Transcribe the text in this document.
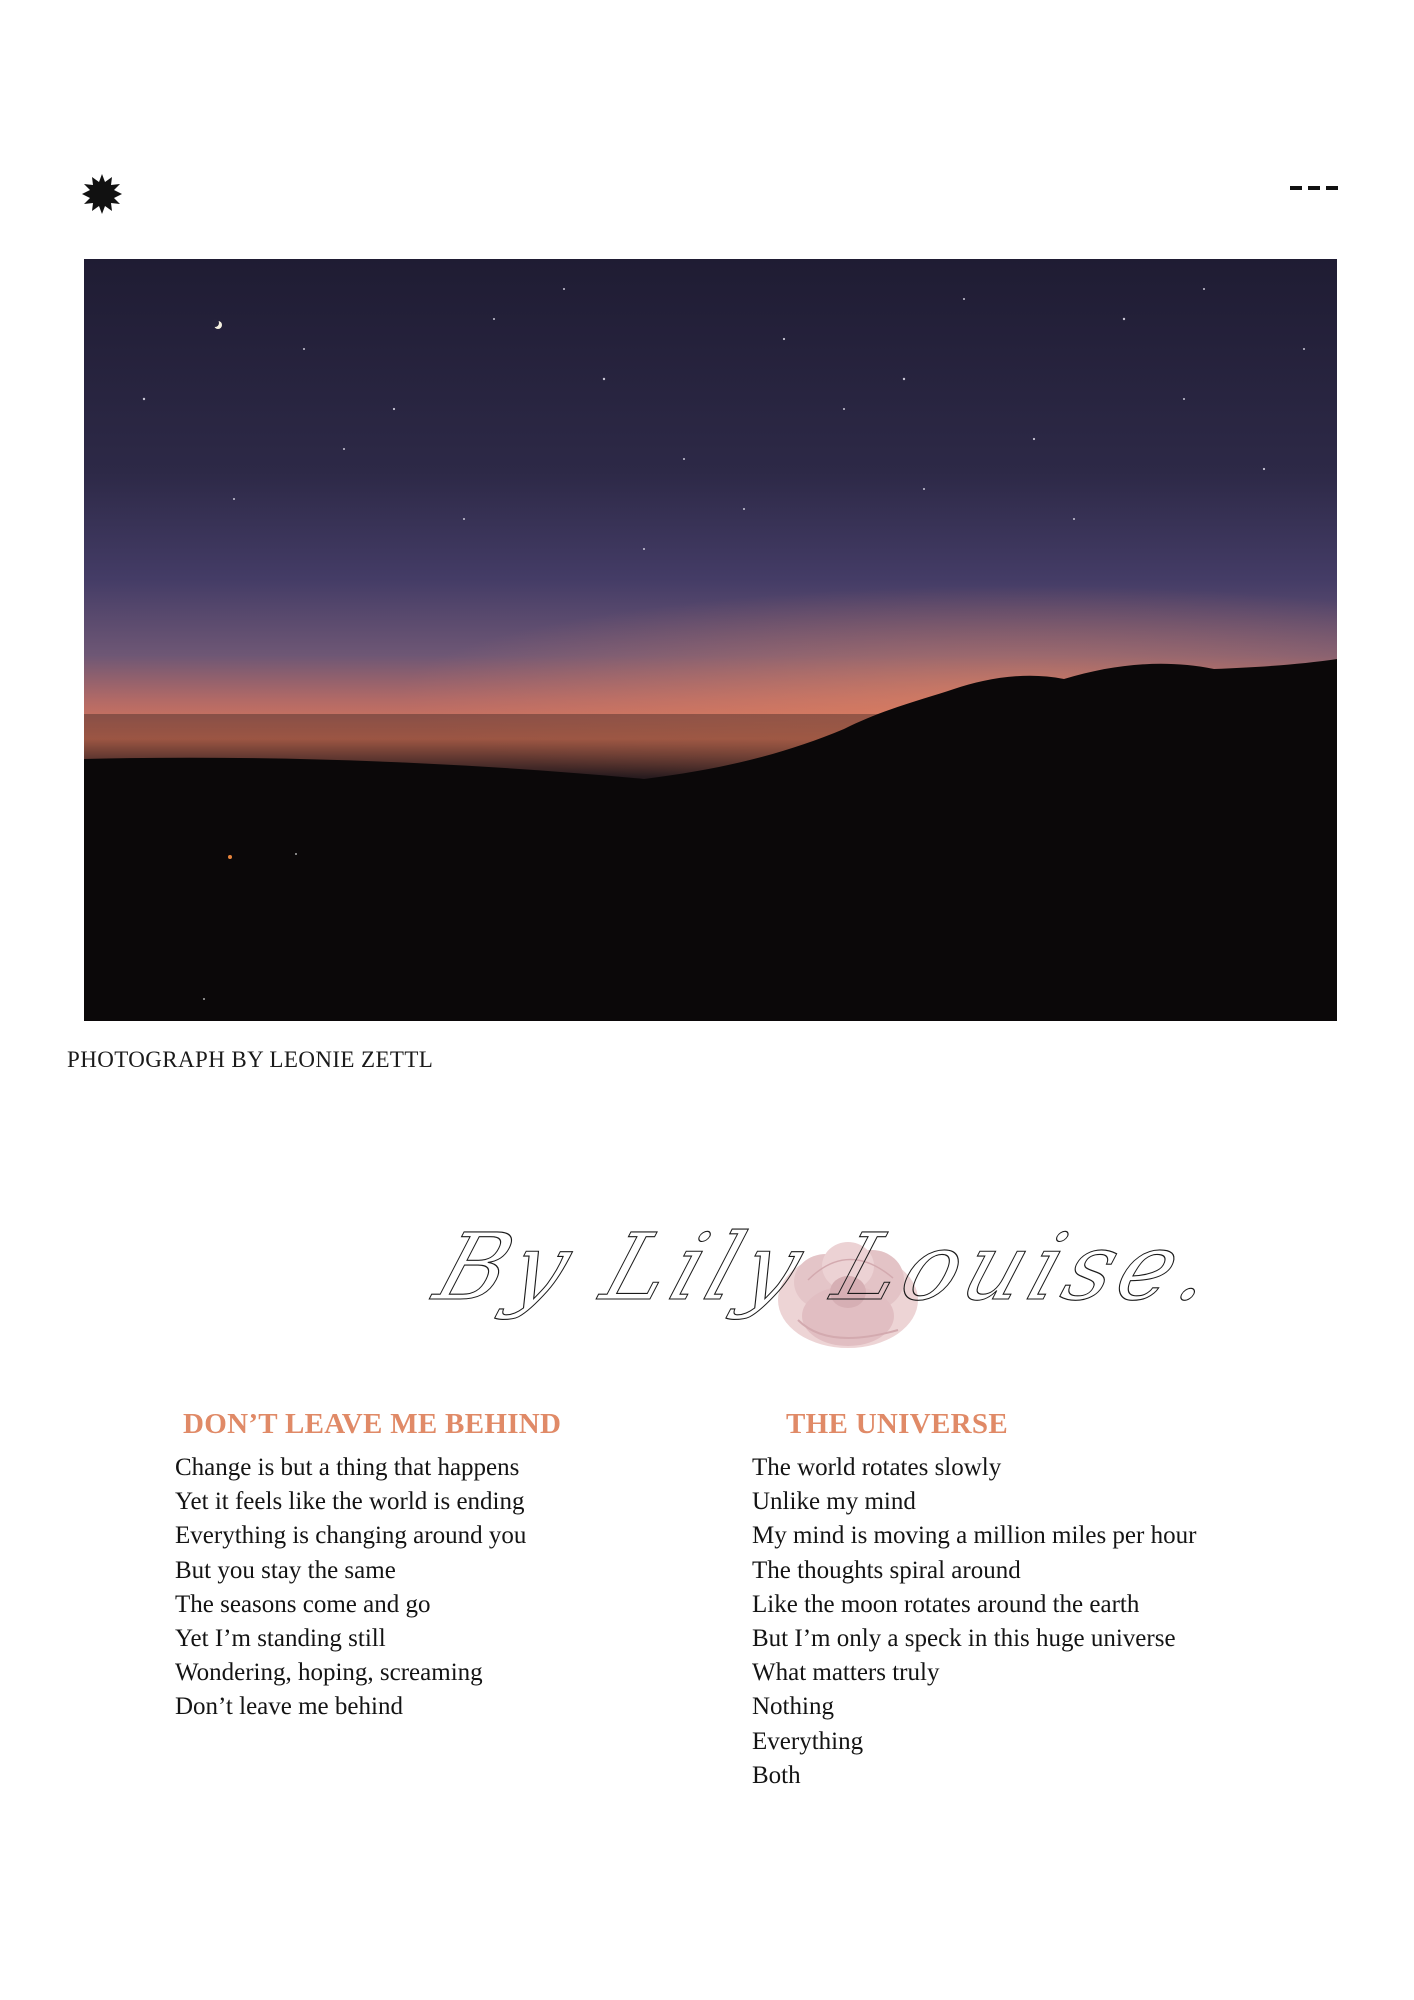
PHOTOGRAPH BY LEONIE ZETTL
By Lily Louise.
DON’T LEAVE ME BEHIND
Change is but a thing that happens
Yet it feels like the world is ending
Everything is changing around you
But you stay the same
The seasons come and go
Yet I’m standing still
Wondering, hoping, screaming
Don’t leave me behind
THE UNIVERSE
The world rotates slowly
Unlike my mind
My mind is moving a million miles per hour
The thoughts spiral around
Like the moon rotates around the earth
But I’m only a speck in this huge universe
What matters truly
Nothing
Everything
Both
